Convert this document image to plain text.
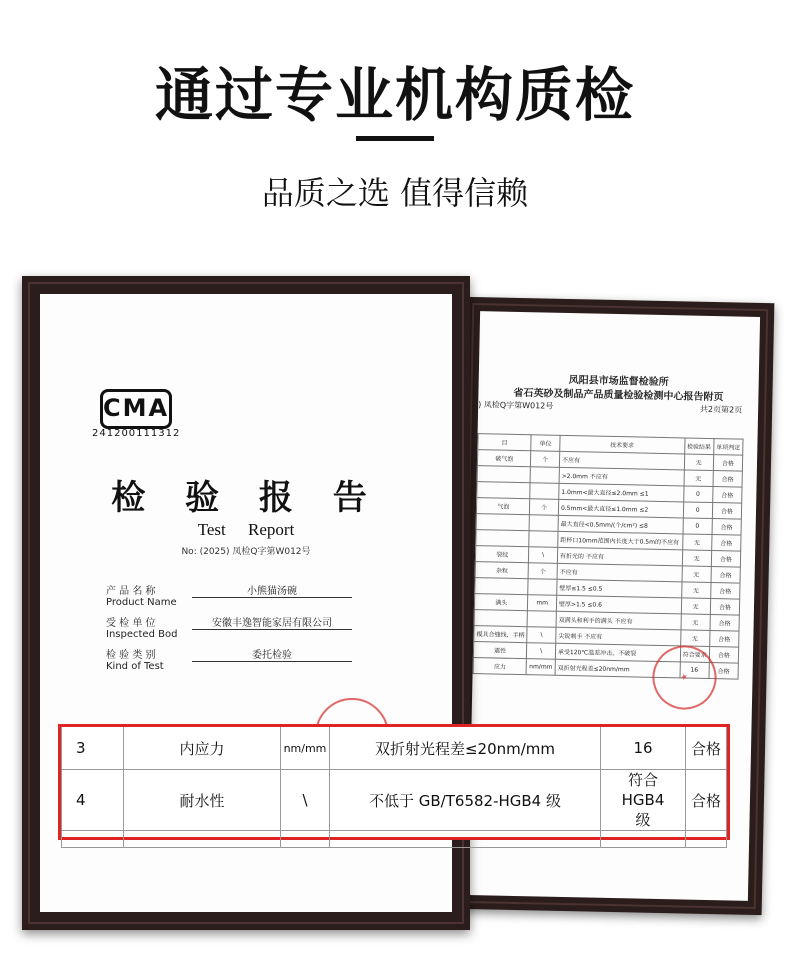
通过专业机构质检
品质之选 值得信赖
凤阳县市场监督检验所
省石英砂及制品产品质量检验检测中心报告附页
) 凤检Q字第W012号	共2页第2页
目	单位	技术要求	检验结果	单项判定
破气泡	个	不应有	无	合格
		>2.0mm 不应有	无	合格
		1.0mm<最大直径≤2.0mm ≤1	0	合格
气泡	个	0.5mm<最大直径≤1.0mm ≤2	0	合格
		最大直径<0.5mm/(个/cm²) ≤8	0	合格
		距杯口10mm范围内长度大于0.5m的不应有	无	合格
裂纹	\	有折光的 不应有	无	合格
杂粒	个	不应有	无	合格
		壁厚≤1.5 ≤0.5	无	合格
满头	mm	壁厚>1.5 ≤0.6	无	合格
		双满头和利手的满头 不应有	无	合格
模具合缝线、手柄	\	尖锐刺手 不应有	无	合格
震性	\	承受120℃温差冲击，不破裂	符合要求	合格
应力	nm/mm	双折射光程差≤20nm/mm	16	合格
★
CMA
241200111312
检 验 报 告
Test Report
No: (2025) 凤检Q字第W012号
产 品 名 称
Product Name
小熊猫汤碗
受 检 单 位
Inspected Bod
安徽丰逸智能家居有限公司
检 验 类 别
Kind of Test
委托检验
3	内应力	nm/mm	双折射光程差≤20nm/mm	16	合格
4	耐水性	\	不低于 GB/T6582-HGB4 级	符合 HGB4 级	合格
